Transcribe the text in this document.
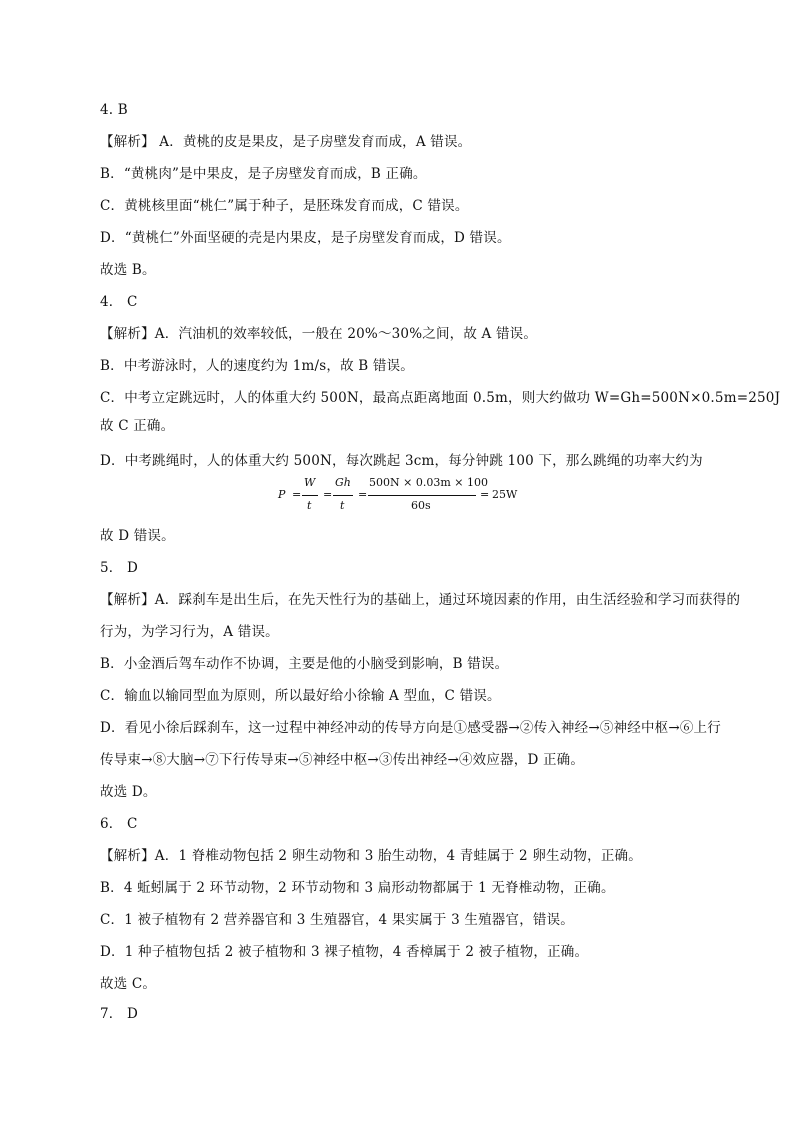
4. B
【解析】 A．黄桃的皮是果皮，是子房壁发育而成，A 错误。
B．“黄桃肉”是中果皮，是子房壁发育而成，B 正确。
C．黄桃核里面“桃仁”属于种子，是胚珠发育而成，C 错误。
D．“黄桃仁”外面坚硬的壳是内果皮，是子房壁发育而成，D 错误。
故选 B。
4． C
【解析】A．汽油机的效率较低，一般在 20%～30%之间，故 A 错误。
B．中考游泳时，人的速度约为 1m/s，故 B 错误。
C．中考立定跳远时，人的体重大约 500N，最高点距离地面 0.5m，则大约做功 W=Gh=500N×0.5m=250J
故 C 正确。
D．中考跳绳时，人的体重大约 500N，每次跳起 3cm，每分钟跳 100 下，那么跳绳的功率大约为
P =
W
t
=
Gh
t
=
500N × 0.03m × 100
60s
= 25W
故 D 错误。
5． D
【解析】A．踩刹车是出生后，在先天性行为的基础上，通过环境因素的作用，由生活经验和学习而获得的
行为，为学习行为，A 错误。
B．小金酒后驾车动作不协调，主要是他的小脑受到影响，B 错误。
C．输血以输同型血为原则，所以最好给小徐输 A 型血，C 错误。
D．看见小徐后踩刹车，这一过程中神经冲动的传导方向是①感受器→②传入神经→⑤神经中枢→⑥上行
传导束→⑧大脑→⑦下行传导束→⑤神经中枢→③传出神经→④效应器，D 正确。
故选 D。
6． C
【解析】A．1 脊椎动物包括 2 卵生动物和 3 胎生动物，4 青蛙属于 2 卵生动物，正确。
B．4 蚯蚓属于 2 环节动物，2 环节动物和 3 扁形动物都属于 1 无脊椎动物，正确。
C．1 被子植物有 2 营养器官和 3 生殖器官，4 果实属于 3 生殖器官，错误。
D．1 种子植物包括 2 被子植物和 3 裸子植物，4 香樟属于 2 被子植物，正确。
故选 C。
7． D
